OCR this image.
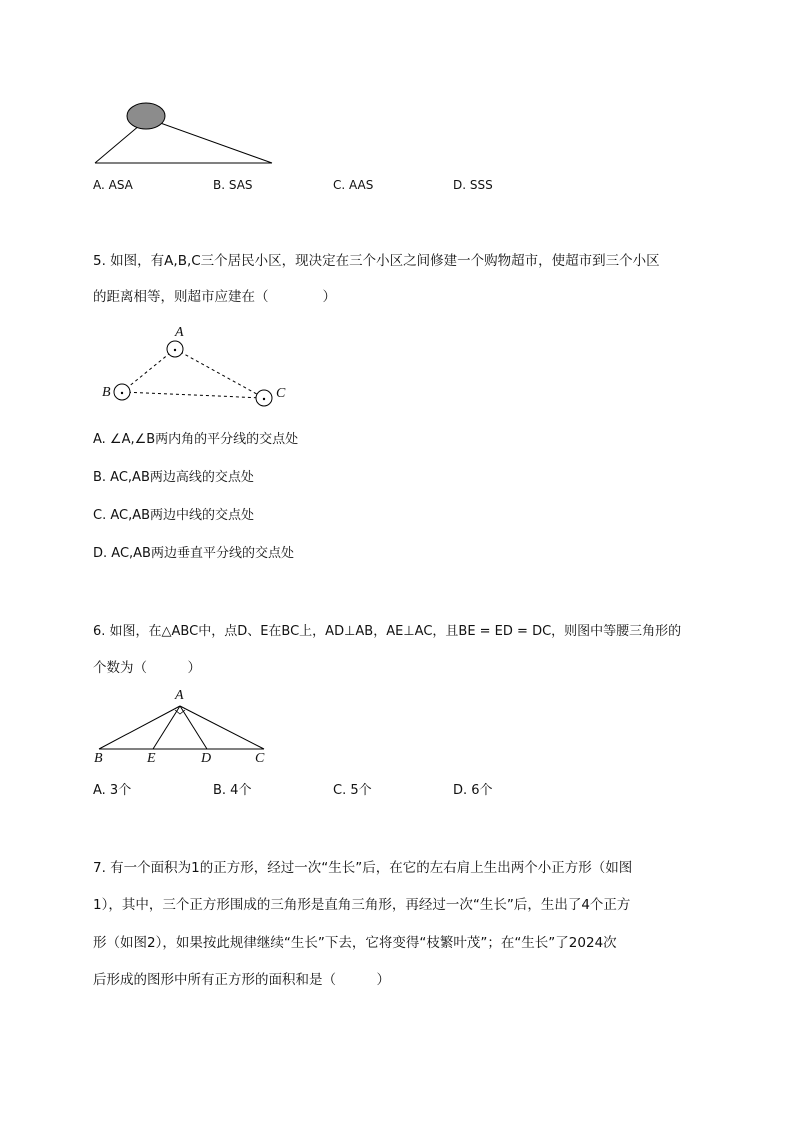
A. ASA	B. SAS	C. AAS	D. SSS
5. 如图，有A,B,C三个居民小区，现决定在三个小区之间修建一个购物超市，使超市到三个小区
的距离相等，则超市应建在（　　　　）
A
B	C
A. ∠A,∠B两内角的平分线的交点处
B. AC,AB两边高线的交点处
C. AC,AB两边中线的交点处
D. AC,AB两边垂直平分线的交点处
6. 如图，在△ABC中，点D、E在BC上，AD⊥AB，AE⊥AC，且BE = ED = DC，则图中等腰三角形的
个数为（　　　）
A
B	E	D	C
A. 3个	B. 4个	C. 5个	D. 6个
7. 有一个面积为1的正方形，经过一次“生长”后，在它的左右肩上生出两个小正方形（如图
1），其中，三个正方形围成的三角形是直角三角形，再经过一次“生长”后，生出了4个正方
形（如图2），如果按此规律继续“生长”下去，它将变得“枝繁叶茂”；在“生长”了2024次
后形成的图形中所有正方形的面积和是（　　　）
